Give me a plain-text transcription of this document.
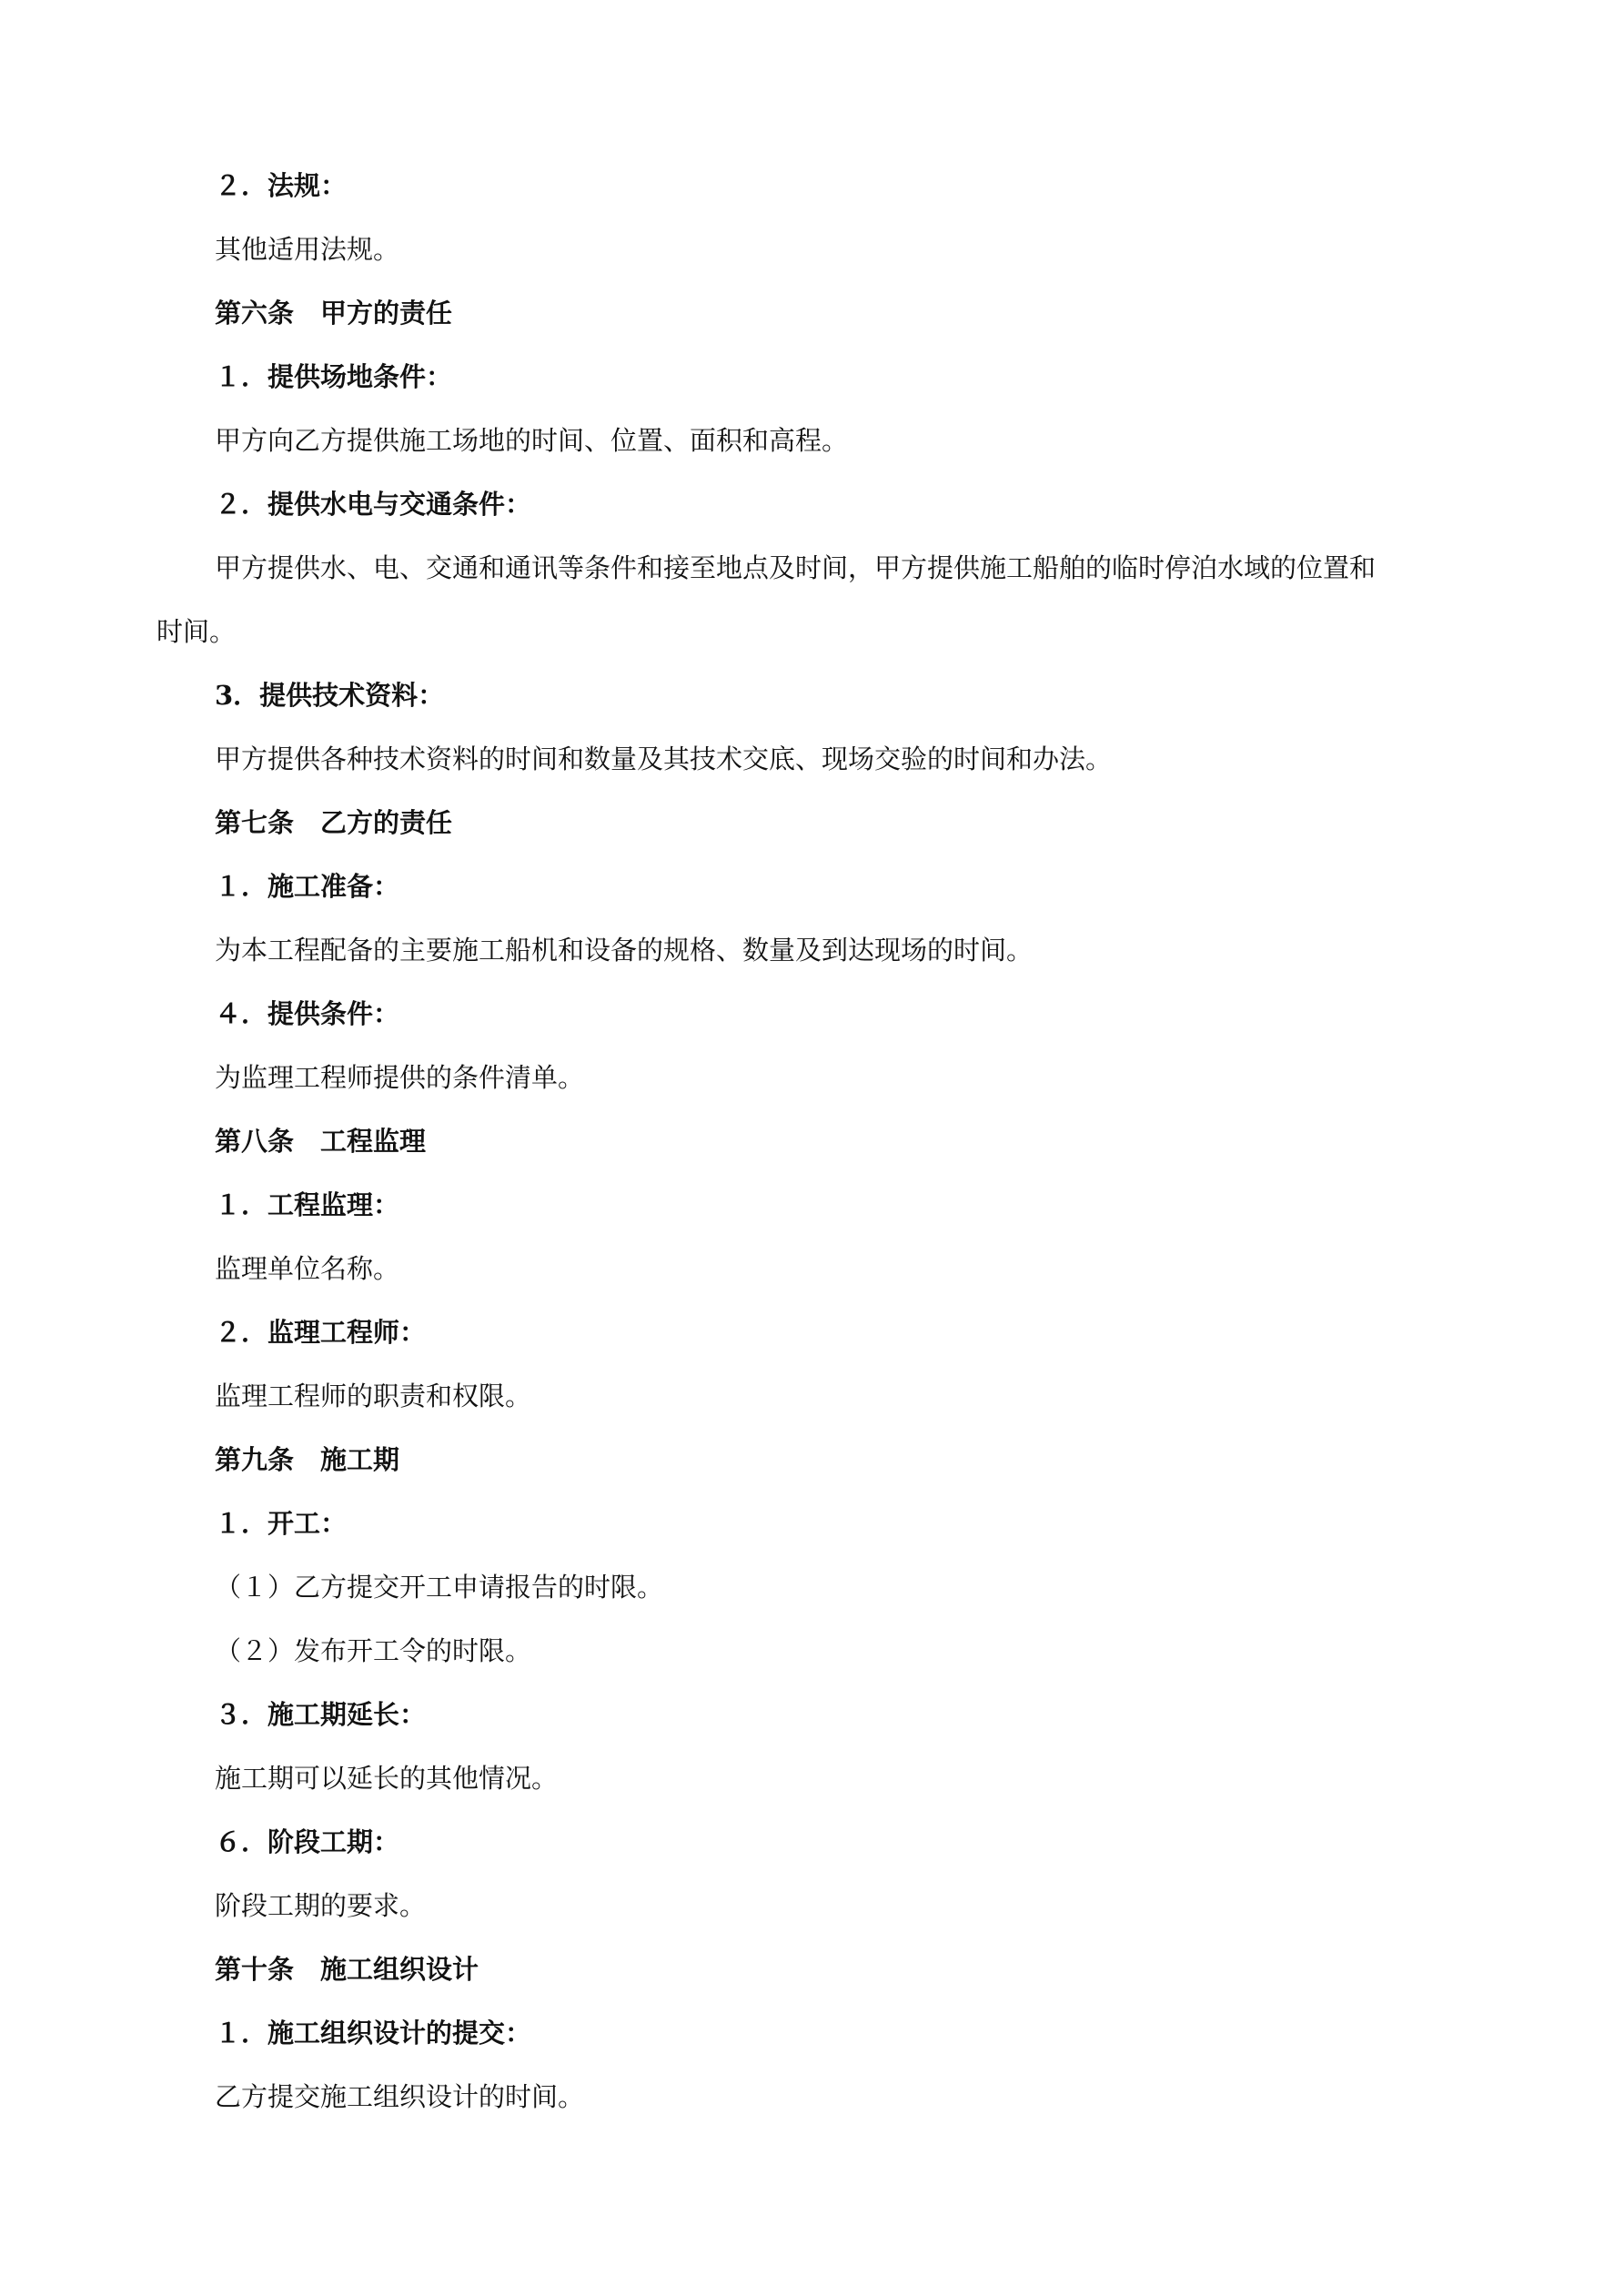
２．法规：
其他适用法规。
第六条　甲方的责任
１．提供场地条件：
甲方向乙方提供施工场地的时间、位置、面积和高程。
２．提供水电与交通条件：
甲方提供水、电、交通和通讯等条件和接至地点及时间，甲方提供施工船舶的临时停泊水域的位置和
时间。
3．提供技术资料：
甲方提供各种技术资料的时间和数量及其技术交底、现场交验的时间和办法。
第七条　乙方的责任
１．施工准备：
为本工程配备的主要施工船机和设备的规格、数量及到达现场的时间。
４．提供条件：
为监理工程师提供的条件清单。
第八条　工程监理
１．工程监理：
监理单位名称。
２．监理工程师：
监理工程师的职责和权限。
第九条　施工期
１．开工：
（１）乙方提交开工申请报告的时限。
（２）发布开工令的时限。
３．施工期延长：
施工期可以延长的其他情况。
６．阶段工期：
阶段工期的要求。
第十条　施工组织设计
１．施工组织设计的提交：
乙方提交施工组织设计的时间。
